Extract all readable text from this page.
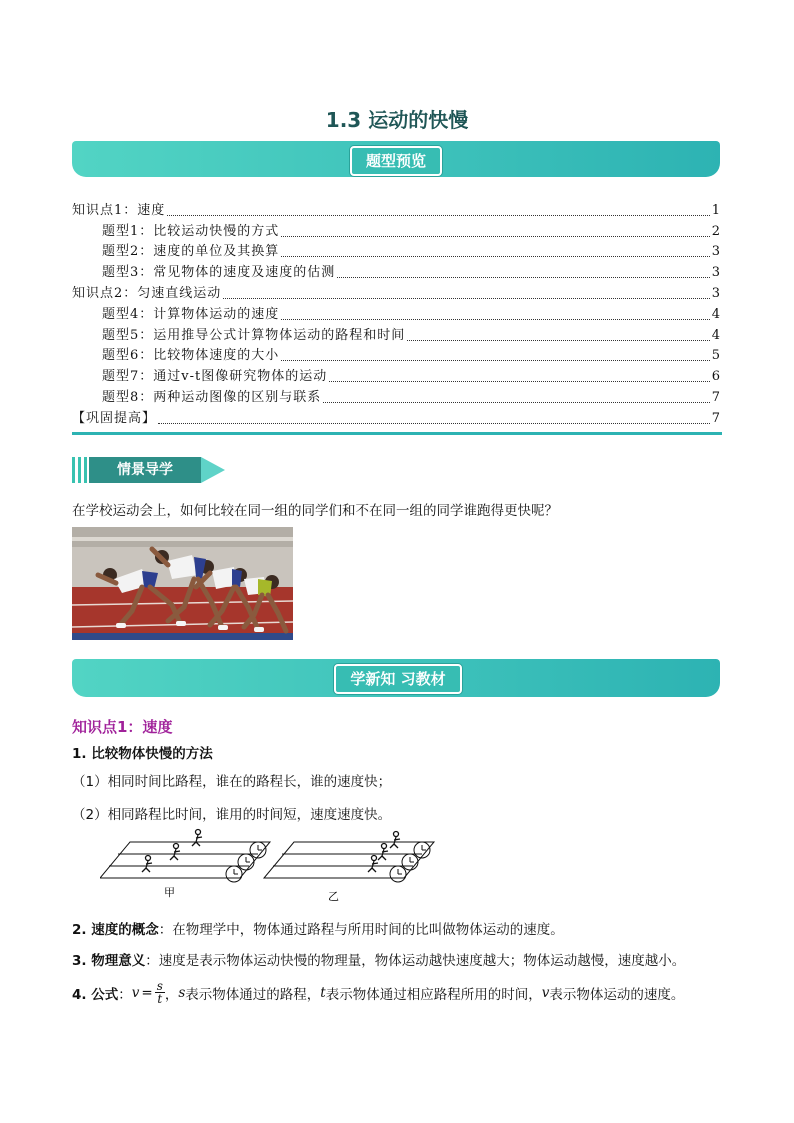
1.3 运动的快慢
题型预览
知识点1：速度	1
题型1：比较运动快慢的方式	2
题型2：速度的单位及其换算	3
题型3：常见物体的速度及速度的估测	3
知识点2：匀速直线运动	3
题型4：计算物体运动的速度	4
题型5：运用推导公式计算物体运动的路程和时间	4
题型6：比较物体速度的大小	5
题型7：通过v-t图像研究物体的运动	6
题型8：两种运动图像的区别与联系	7
【巩固提高】	7
情景导学
在学校运动会上，如何比较在同一组的同学们和不在同一组的同学谁跑得更快呢？
学新知 习教材
知识点1：速度
1. 比较物体快慢的方法
（1）相同时间比路程，谁在的路程长，谁的速度快；
（2）相同路程比时间，谁用的时间短，速度速度快。
甲	乙
2. 速度的概念：在物理学中，物体通过路程与所用时间的比叫做物体运动的速度。
3. 物理意义：速度是表示物体运动快慢的物理量，物体运动越快速度越大；物体运动越慢，速度越小。
4. 公式 ： $v = \frac{s}{t}$ ， s 表示物体通过的路程， t 表示物体通过相应路程所用的时间， v 表示物体运动的速度。
